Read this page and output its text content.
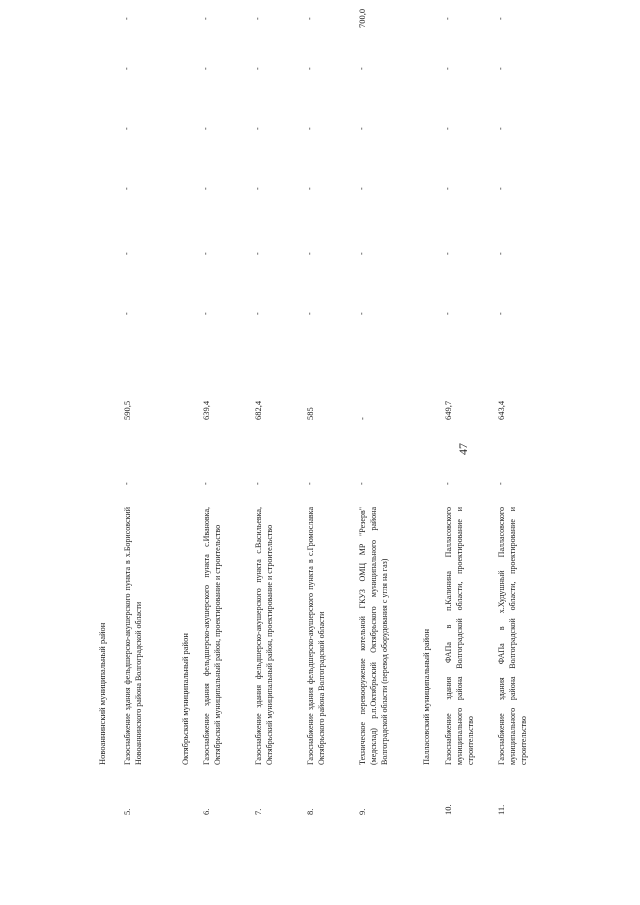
47
Новоаннинский муниципальный район
5.
Газоснабжение здания фельдшерско-акушерского пункта в х.Борисовский Новоаннинского района Волгоградской области
-
590,5
-
-
-
-
-
-
Октябрьский муниципальный район
6.
Газоснабжение здания фельдшерско-акушерского пункта с.Ивановка, Октябрьский муниципальный район, проектирование и строительство
-
639,4
-
-
-
-
-
-
7.
Газоснабжение здания фельдшерско-акушерского пункта с.Васильевка, Октябрьский муниципальный район, проектирование и строительство
-
682,4
-
-
-
-
-
-
8.
Газоснабжение здания фельдшерско-акушерского пункта в с.Громославка Октябрьского района Волгоградской области
-
585
-
-
-
-
-
-
9.
Техническое перевооружение котельной ГКУЗ ОМЦ МР "Резерв" (медсклад) р.п.Октябрьский Октябрьского муниципального района Волгоградской области (перевод оборудования с угля на газ)
-
-
-
-
-
-
-
700,0
Палласовский муниципальный район
10.
Газоснабжение здания ФАПа в п.Калинина Палласовского муниципального района Волгоградской области, проектирование и строительство
-
649,7
-
-
-
-
-
-
11.
Газоснабжение здания ФАПа в х.Худушный Палласовского муниципального района Волгоградской области, проектирование и строительство
-
643,4
-
-
-
-
-
-
